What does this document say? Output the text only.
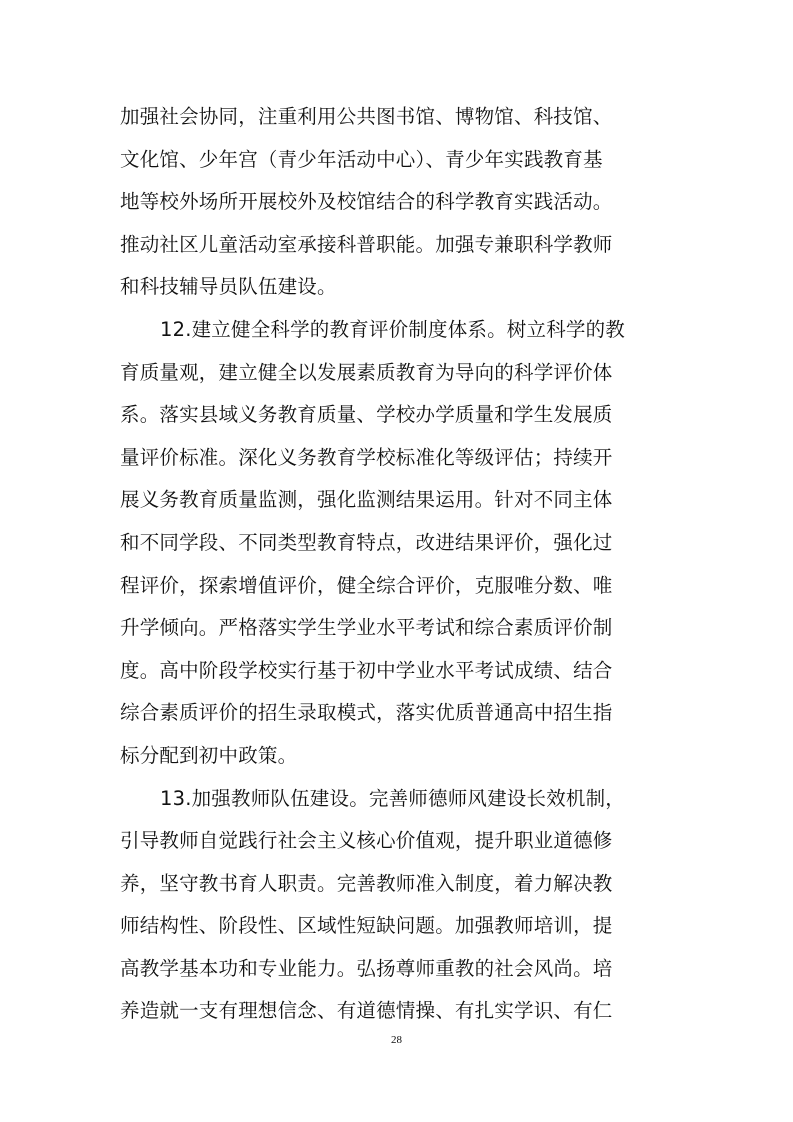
加强社会协同，注重利用公共图书馆、博物馆、科技馆、
文化馆、少年宫（青少年活动中心）、青少年实践教育基
地等校外场所开展校外及校馆结合的科学教育实践活动。
推动社区儿童活动室承接科普职能。加强专兼职科学教师
和科技辅导员队伍建设。
12.建立健全科学的教育评价制度体系。树立科学的教
育质量观，建立健全以发展素质教育为导向的科学评价体
系。落实县域义务教育质量、学校办学质量和学生发展质
量评价标准。深化义务教育学校标准化等级评估；持续开
展义务教育质量监测，强化监测结果运用。针对不同主体
和不同学段、不同类型教育特点，改进结果评价，强化过
程评价，探索增值评价，健全综合评价，克服唯分数、唯
升学倾向。严格落实学生学业水平考试和综合素质评价制
度。高中阶段学校实行基于初中学业水平考试成绩、结合
综合素质评价的招生录取模式，落实优质普通高中招生指
标分配到初中政策。
13.加强教师队伍建设。完善师德师风建设长效机制，
引导教师自觉践行社会主义核心价值观，提升职业道德修
养，坚守教书育人职责。完善教师准入制度，着力解决教
师结构性、阶段性、区域性短缺问题。加强教师培训，提
高教学基本功和专业能力。弘扬尊师重教的社会风尚。培
养造就一支有理想信念、有道德情操、有扎实学识、有仁
28
